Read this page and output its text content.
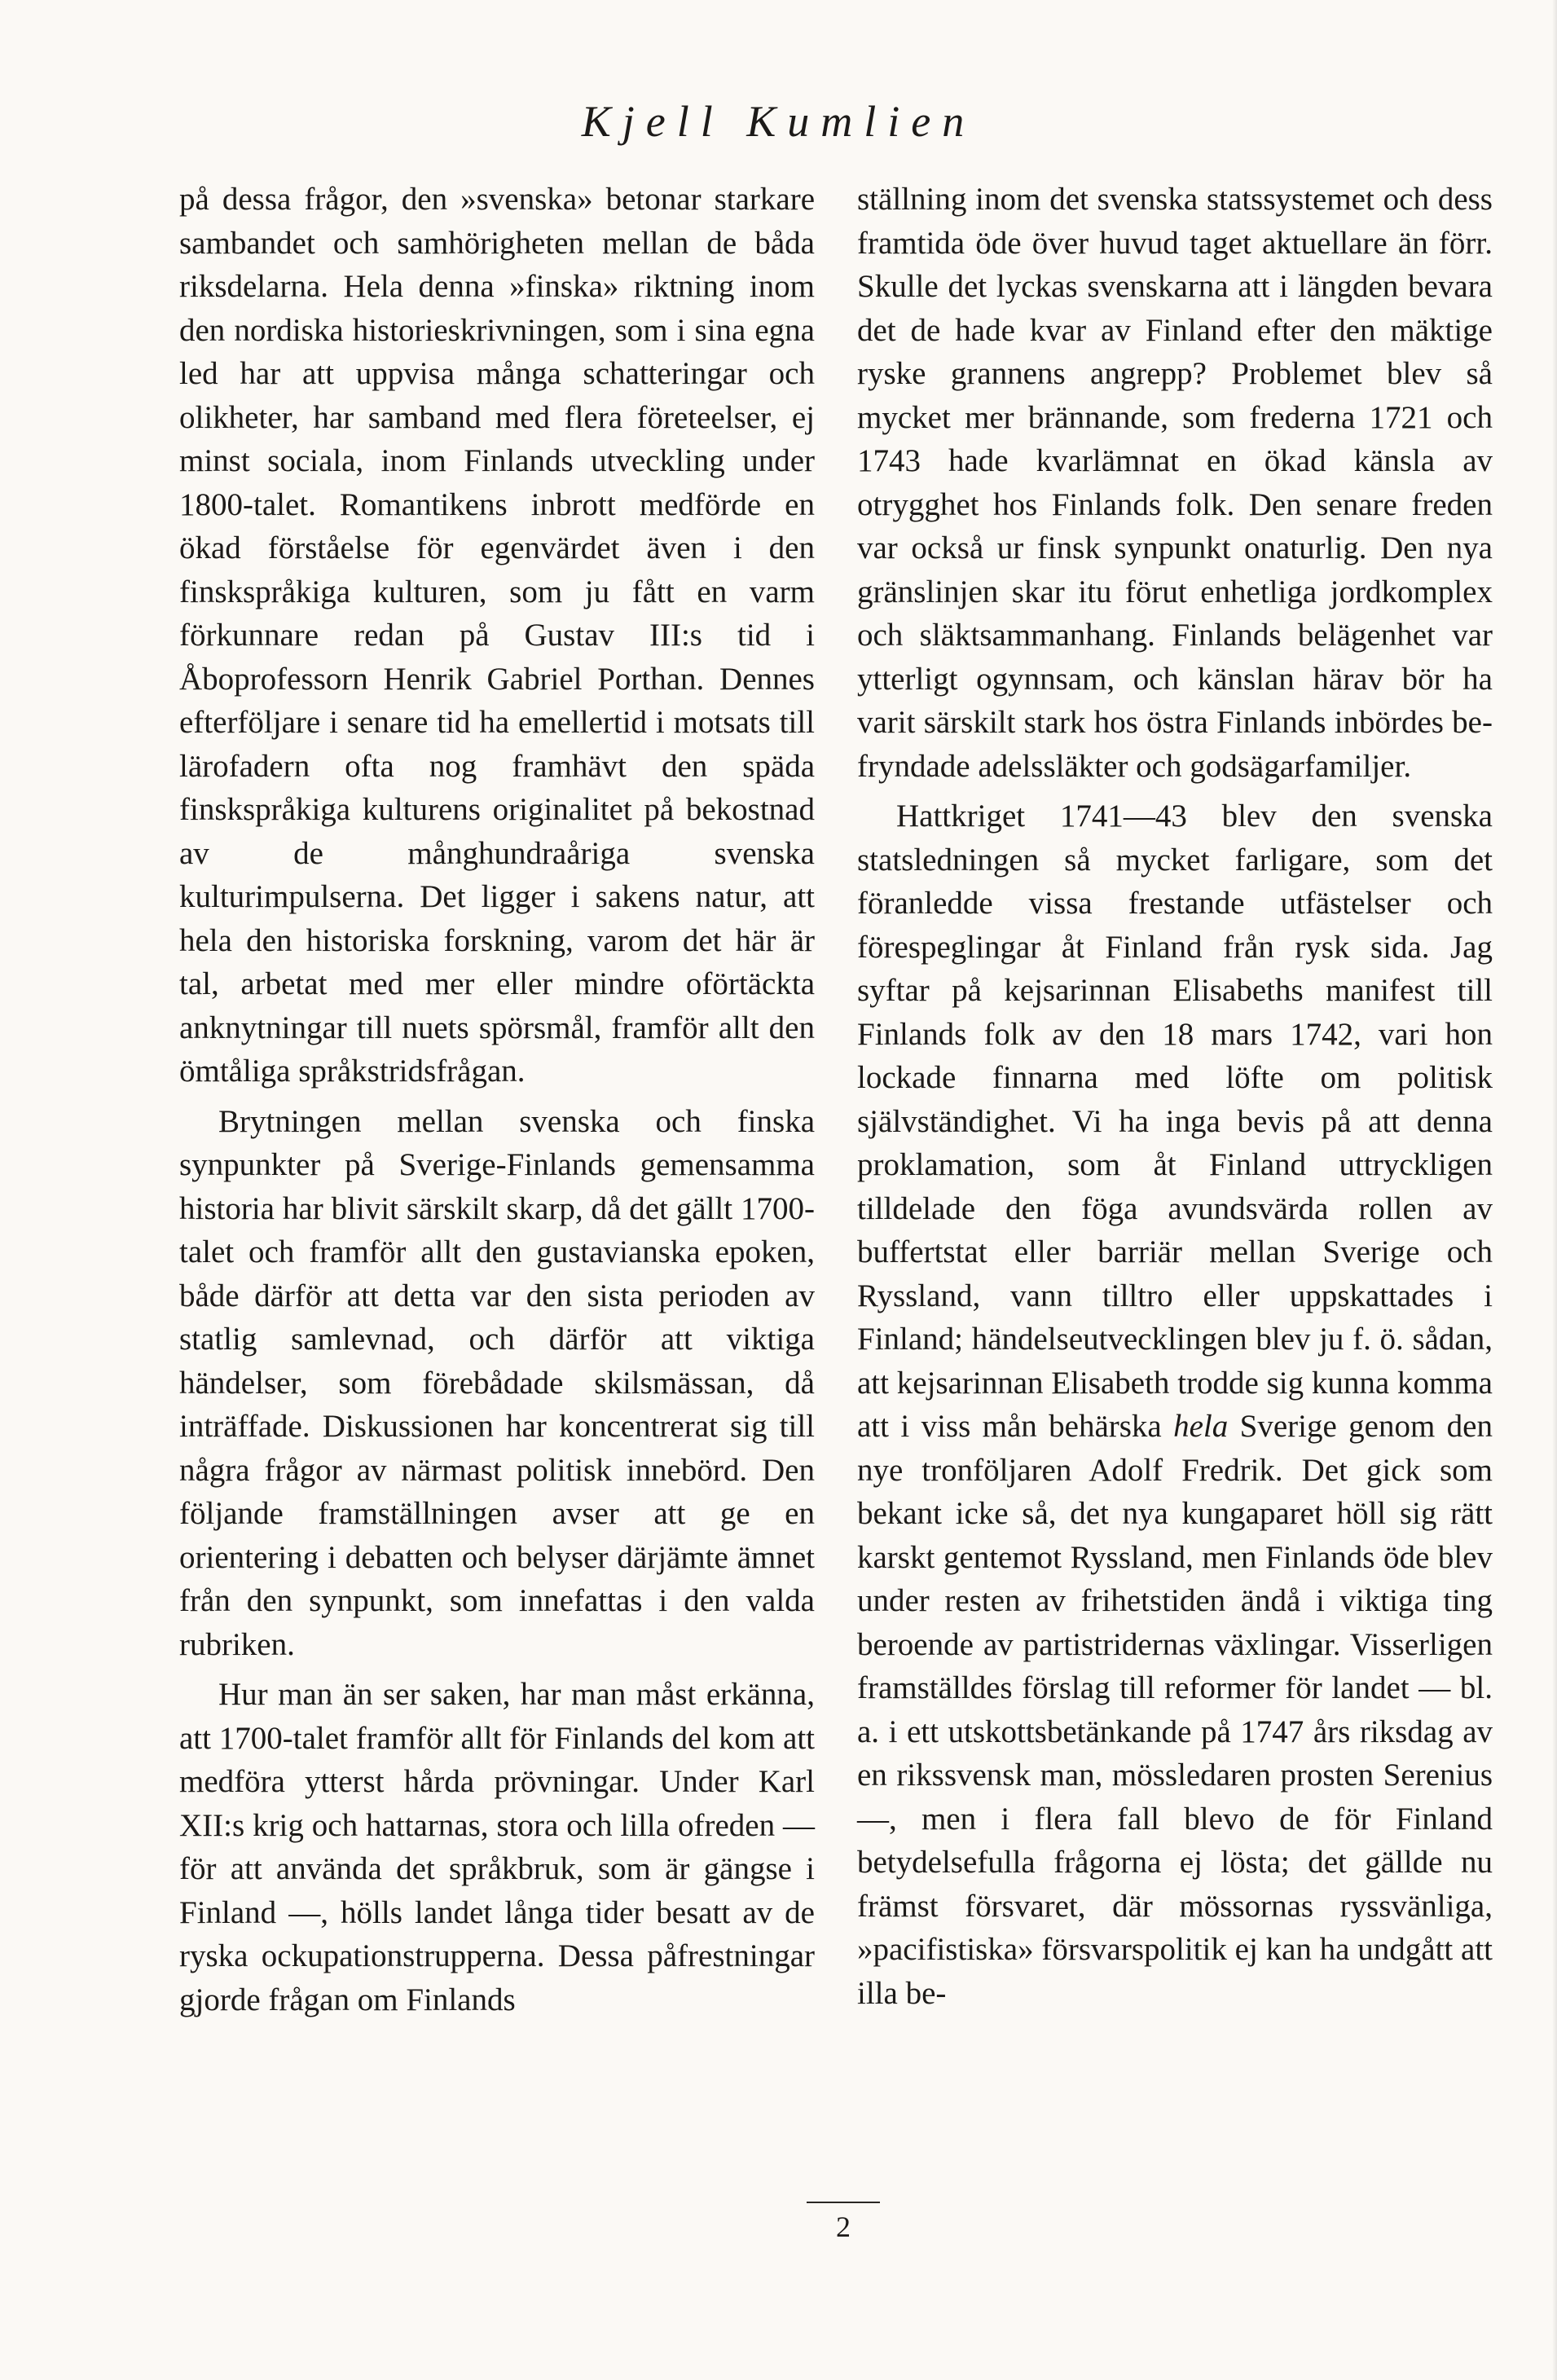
Kjell Kumlien

på dessa frågor, den »svenska» betonar starkare sambandet och samhörigheten mellan de båda riksdelarna. Hela denna »finska» riktning inom den nordiska historieskrivningen, som i sina egna led har att uppvisa många schatteringar och olikheter, har samband med flera företeelser, ej minst sociala, inom Finlands utveckling under 1800-talet. Romantikens inbrott medförde en ökad förståelse för egenvärdet även i den finskspråkiga kulturen, som ju fått en varm förkunnare redan på Gustav III:s tid i Åboprofessorn Henrik Gabriel Porthan. Dennes efterföljare i senare tid ha emellertid i motsats till lärofadern ofta nog framhävt den späda finskspråkiga kulturens originalitet på bekostnad av de månghundraåriga svenska kulturimpulserna. Det ligger i sakens natur, att hela den historiska forskning, varom det här är tal, arbetat med mer eller mindre oförtäckta anknytningar till nuets spörsmål, framför allt den ömtåliga språkstridsfrågan.

Brytningen mellan svenska och finska synpunkter på Sverige-Finlands gemensamma historia har blivit särskilt skarp, då det gällt 1700-talet och framför allt den gustavianska epoken, både därför att detta var den sista perioden av statlig samlevnad, och därför att viktiga händelser, som förebådade skilsmässan, då inträffade. Diskussionen har koncentrerat sig till några frågor av närmast politisk innebörd. Den följande framställningen avser att ge en orientering i debatten och belyser därjämte ämnet från den synpunkt, som innefattas i den valda rubriken.

Hur man än ser saken, har man måst erkänna, att 1700-talet framför allt för Finlands del kom att medföra ytterst hårda prövningar. Under Karl XII:s krig och hattarnas, stora och lilla ofreden — för att använda det språkbruk, som är gängse i Finland —, hölls landet långa tider besatt av de ryska ockupationstrupperna. Dessa påfrestningar gjorde frågan om Finlands

ställning inom det svenska statssystemet och dess framtida öde över huvud taget aktuellare än förr. Skulle det lyckas svenskarna att i längden bevara det de hade kvar av Finland efter den mäktige ryske grannens angrepp? Problemet blev så mycket mer brännande, som frederna 1721 och 1743 hade kvarlämnat en ökad känsla av otrygghet hos Finlands folk. Den senare freden var också ur finsk synpunkt onaturlig. Den nya gränslinjen skar itu förut enhetliga jordkomplex och släktsammanhang. Finlands belägenhet var ytterligt ogynnsam, och känslan härav bör ha varit särskilt stark hos östra Finlands inbördes befryndade adelssläkter och godsägarfamiljer.

Hattkriget 1741—43 blev den svenska statsledningen så mycket farligare, som det föranledde vissa frestande utfästelser och förespeglingar åt Finland från rysk sida. Jag syftar på kejsarinnan Elisabeths manifest till Finlands folk av den 18 mars 1742, vari hon lockade finnarna med löfte om politisk självständighet. Vi ha inga bevis på att denna proklamation, som åt Finland uttryckligen tilldelade den föga avundsvärda rollen av buffertstat eller barriär mellan Sverige och Ryssland, vann tilltro eller uppskattades i Finland; händelseutvecklingen blev ju f. ö. sådan, att kejsarinnan Elisabeth trodde sig kunna komma att i viss mån behärska hela Sverige genom den nye tronföljaren Adolf Fredrik. Det gick som bekant icke så, det nya kungaparet höll sig rätt karskt gentemot Ryssland, men Finlands öde blev under resten av frihetstiden ändå i viktiga ting beroende av partistridernas växlingar. Visserligen framställdes förslag till reformer för landet — bl. a. i ett utskottsbetänkande på 1747 års riksdag av en rikssvensk man, mössledaren prosten Serenius —, men i flera fall blevo de för Finland betydelsefulla frågorna ej lösta; det gällde nu främst försvaret, där mössornas ryssvänliga, »pacifistiska» försvarspolitik ej kan ha undgått att illa be-

2
